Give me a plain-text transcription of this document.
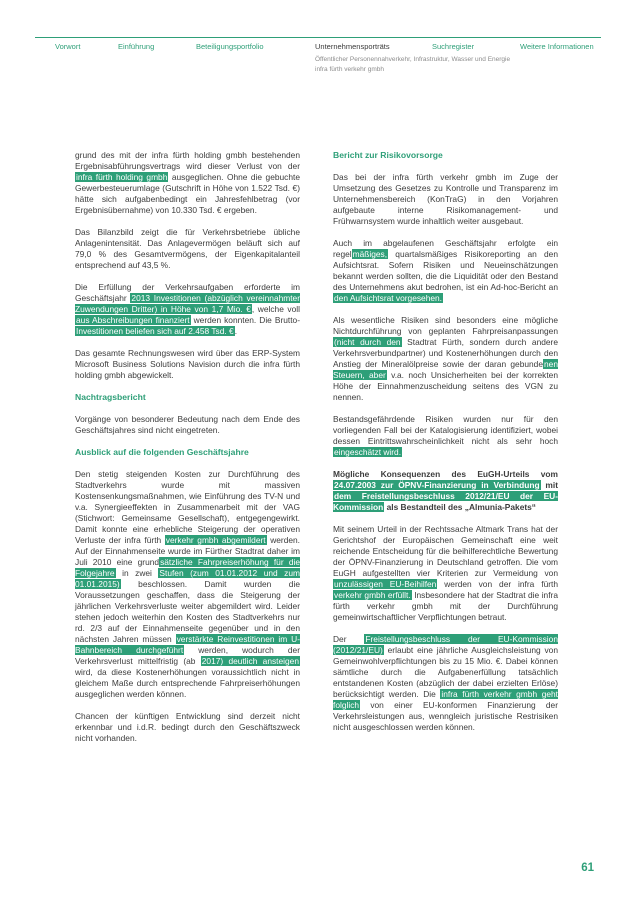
Vorwort	Einführung	Beteiligungsportfolio	Unternehmensporträts	Suchregister	Weitere Informationen
Öffentlicher Personennahverkehr, Infrastruktur, Wasser und Energie
infra fürth verkehr gmbh

grund des mit der infra fürth holding gmbh bestehenden Ergebnisabführungsvertrags wird dieser Verlust von der infra fürth holding gmbh ausgeglichen. Ohne die gebuchte Gewerbesteuerumlage (Gutschrift in Höhe von 1.522 Tsd. €) hätte sich aufgabenbedingt ein Jahresfehlbetrag (vor Ergebnisübernahme) von 10.330 Tsd. € ergeben.

Das Bilanzbild zeigt die für Verkehrsbetriebe übliche Anlagenintensität. Das Anlagevermögen beläuft sich auf 79,0 % des Gesamtvermögens, der Eigenkapitalanteil entsprechend auf 43,5 %.

Die Erfüllung der Verkehrsaufgaben erforderte im Geschäftsjahr 2013 Investitionen (abzüglich vereinnahmter Zuwendungen Dritter) in Höhe von 1,7 Mio. €, welche voll aus Abschreibungen finanziert werden konnten. Die Brutto-Investitionen beliefen sich auf 2.458 Tsd. €.

Das gesamte Rechnungswesen wird über das ERP-System Microsoft Business Solutions Navision durch die infra fürth holding gmbh abgewickelt.

Nachtragsbericht

Vorgänge von besonderer Bedeutung nach dem Ende des Geschäftsjahres sind nicht eingetreten.

Ausblick auf die folgenden Geschäftsjahre

Den stetig steigenden Kosten zur Durchführung des Stadtverkehrs wurde mit massiven Kostensenkungsmaßnahmen, wie Einführung des TV-N und v.a. Synergieeffekten in Zusammenarbeit mit der VAG (Stichwort: Gemeinsame Gesellschaft), entgegengewirkt. Damit konnte eine erhebliche Steigerung der operativen Verluste der infra fürth verkehr gmbh abgemildert werden. Auf der Einnahmenseite wurde im Fürther Stadtrat daher im Juli 2010 eine grundsätzliche Fahrpreiserhöhung für die Folgejahre in zwei Stufen (zum 01.01.2012 und zum 01.01.2015) beschlossen. Damit wurden die Voraussetzungen geschaffen, dass die Steigerung der jährlichen Verkehrsverluste weiter abgemildert wird. Leider stehen jedoch weiterhin den Kosten des Stadtverkehrs nur rd. 2/3 auf der Einnahmenseite gegenüber und in den nächsten Jahren müssen verstärkte Reinvestitionen im U-Bahnbereich durchgeführt werden, wodurch der Verkehrsverlust mittelfristig (ab 2017) deutlich ansteigen wird, da diese Kostenerhöhungen voraussichtlich nicht in gleichem Maße durch entsprechende Fahrpreiserhöhungen ausgeglichen werden können.

Chancen der künftigen Entwicklung sind derzeit nicht erkennbar und i.d.R. bedingt durch den Geschäftszweck nicht vorhanden.

Bericht zur Risikovorsorge

Das bei der infra fürth verkehr gmbh im Zuge der Umsetzung des Gesetzes zu Kontrolle und Transparenz im Unternehmensbereich (KonTraG) in den Vorjahren aufgebaute interne Risikomanagement- und Frühwarnsystem wurde inhaltlich weiter ausgebaut.

Auch im abgelaufenen Geschäftsjahr erfolgte ein regelmäßiges, quartalsmäßiges Risikoreporting an den Aufsichtsrat. Sofern Risiken und Neueinschätzungen bekannt werden sollten, die die Liquidität oder den Bestand des Unternehmens akut bedrohen, ist ein Ad-hoc-Bericht an den Aufsichtsrat vorgesehen.

Als wesentliche Risiken sind besonders eine mögliche Nichtdurchführung von geplanten Fahrpreisanpassungen (nicht durch den Stadtrat Fürth, sondern durch andere Verkehrsverbundpartner) und Kostenerhöhungen durch den Anstieg der Mineralölpreise sowie der daran gebundenen Steuern, aber v.a. noch Unsicherheiten bei der korrekten Höhe der Einnahmenzuscheidung seitens des VGN zu nennen.

Bestandsgefährdende Risiken wurden nur für den vorliegenden Fall bei der Katalogisierung identifiziert, wobei dessen Eintrittswahrscheinlichkeit nicht als sehr hoch eingeschätzt wird.

Mögliche Konsequenzen des EuGH-Urteils vom 24.07.2003 zur ÖPNV-Finanzierung in Verbindung mit dem Freistellungsbeschluss 2012/21/EU der EU-Kommission als Bestandteil des „Almunia-Pakets“

Mit seinem Urteil in der Rechtssache Altmark Trans hat der Gerichtshof der Europäischen Gemeinschaft eine weit reichende Entscheidung für die beihilferechtliche Bewertung der ÖPNV-Finanzierung in Deutschland getroffen. Die vom EuGH aufgestellten vier Kriterien zur Vermeidung von unzulässigen EU-Beihilfen werden von der infra fürth verkehr gmbh erfüllt. Insbesondere hat der Stadtrat die infra fürth verkehr gmbh mit der Durchführung gemeinwirtschaftlicher Verpflichtungen betraut.

Der Freistellungsbeschluss der EU-Kommission (2012/21/EU) erlaubt eine jährliche Ausgleichsleistung von Gemeinwohlverpflichtungen bis zu 15 Mio. €. Dabei können sämtliche durch die Aufgabenerfüllung tatsächlich entstandenen Kosten (abzüglich der dabei erzielten Erlöse) berücksichtigt werden. Die infra fürth verkehr gmbh geht folglich von einer EU-konformen Finanzierung der Verkehrsleistungen aus, wenngleich juristische Restrisiken nicht ausgeschlossen werden können.

61
